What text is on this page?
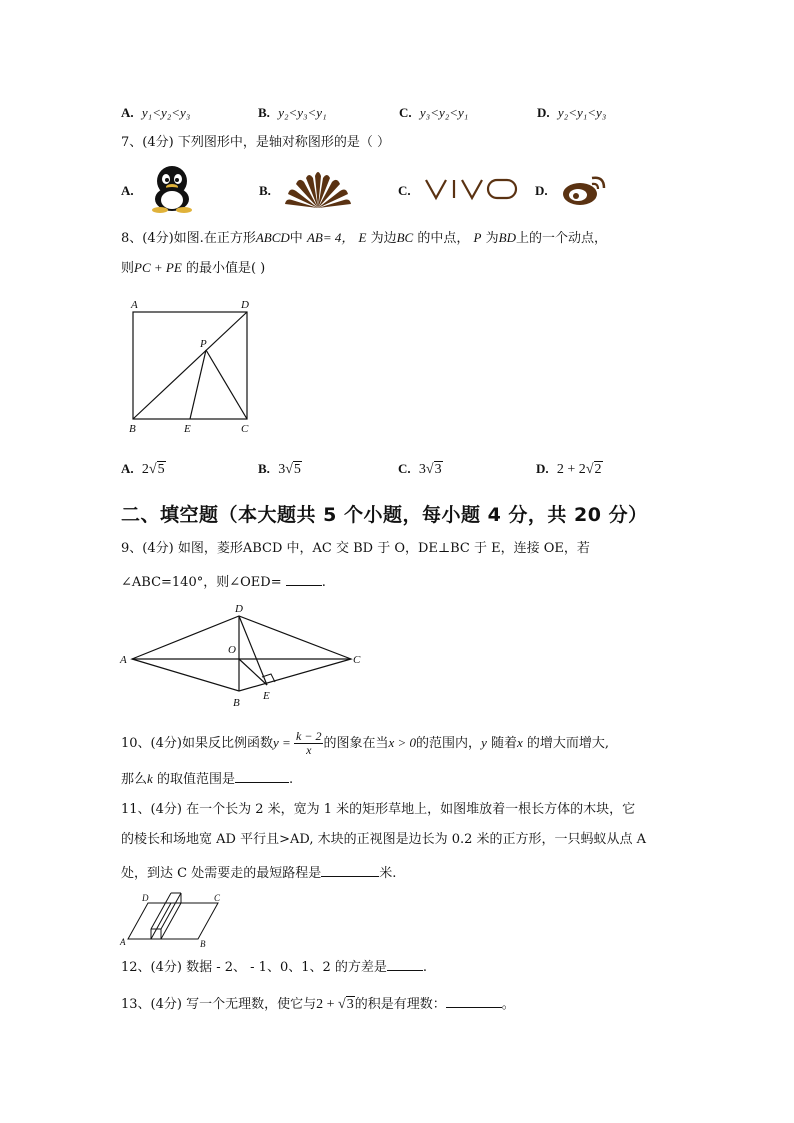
A. y₁<y₂<y₃	B. y₂<y₃<y₁	C. y₃<y₂<y₁	D. y₂<y₁<y₃
7、(4分) 下列图形中，是轴对称图形的是（ ）
A.	B.	C.	D.
8、(4分)如图.在正方形ABCD中 AB= 4， E 为边BC 的中点， P 为BD上的一个动点，
则PC + PE 的最小值是( )
A	D
P
B	E	C
A. 2√5	B. 3√5	C. 3√3	D. 2 + 2√2
二、填空题（本大题共 5 个小题，每小题 4 分，共 20 分）
9、(4分) 如图，菱形ABCD 中，AC 交 BD 于 O，DE⊥BC 于 E，连接 OE，若
∠ABC=140°，则∠OED=	.
D
A
O
C
B
E
10、(4分)如果反比例函数$y = \frac{k - 2}{x}$ 的图象在当x > 0的范围内，y 随着x 的增大而增大,
那么k 的取值范围是	.
11、(4分) 在一个长为 2 米，宽为 1 米的矩形草地上，如图堆放着一根长方体的木块，它
的棱长和场地宽 AD 平行且>AD, 木块的正视图是边长为 0.2 米的正方形，一只蚂蚁从点 A
处，到达 C 处需要走的最短路程是	米.
A
D
B
C
12、(4分) 数据 - 2、 - 1、0、1、2 的方差是	.
13、(4分) 写一个无理数，使它与2 + √3的积是有理数：	。
